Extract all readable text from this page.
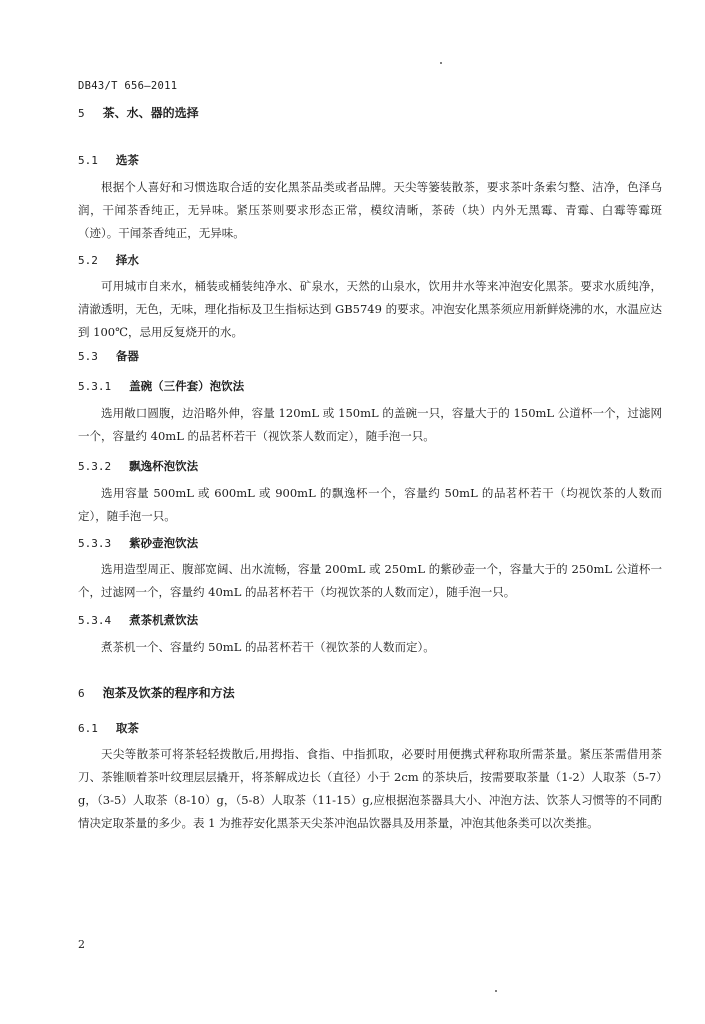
DB43/T 656—2011
5 茶、水、器的选择
5.1 选茶

根据个人喜好和习惯选取合适的安化黑茶品类或者品牌。天尖等篓装散茶，要求茶叶条索匀整、洁净，色泽乌润，干闻茶香纯正，无异味。紧压茶则要求形态正常，模纹清晰，茶砖（块）内外无黑霉、青霉、白霉等霉斑（迹）。干闻茶香纯正，无异味。

5.2 择水

可用城市自来水，桶装或桶装纯净水、矿泉水，天然的山泉水，饮用井水等来冲泡安化黑茶。要求水质纯净，清澈透明，无色，无味，理化指标及卫生指标达到 GB5749 的要求。冲泡安化黑茶须应用新鲜烧沸的水，水温应达到 100℃，忌用反复烧开的水。

5.3 备器
5.3.1 盖碗（三件套）泡饮法

选用敞口圆腹，边沿略外伸，容量 120mL 或 150mL 的盖碗一只，容量大于的 150mL 公道杯一个，过滤网一个，容量约 40mL 的品茗杯若干（视饮茶人数而定），随手泡一只。

5.3.2 飘逸杯泡饮法

选用容量 500mL 或 600mL 或 900mL 的飘逸杯一个，容量约 50mL 的品茗杯若干（均视饮茶的人数而定），随手泡一只。

5.3.3 紫砂壶泡饮法

选用造型周正、腹部宽阔、出水流畅，容量 200mL 或 250mL 的紫砂壶一个，容量大于的 250mL 公道杯一个，过滤网一个，容量约 40mL 的品茗杯若干（均视饮茶的人数而定），随手泡一只。

5.3.4 煮茶机煮饮法

煮茶机一个、容量约 50mL 的品茗杯若干（视饮茶的人数而定）。

6 泡茶及饮茶的程序和方法
6.1 取茶

天尖等散茶可将茶轻轻拨散后,用拇指、食指、中指抓取，必要时用便携式秤称取所需茶量。紧压茶需借用茶刀、茶锥顺着茶叶纹理层层撬开，将茶解成边长（直径）小于 2cm 的茶块后，按需要取茶量（1-2）人取茶（5-7）g，（3-5）人取茶（8-10）g，（5-8）人取茶（11-15）g,应根据泡茶器具大小、冲泡方法、饮茶人习惯等的不同酌情决定取茶量的多少。表 1 为推荐安化黑茶天尖茶冲泡品饮器具及用茶量，冲泡其他条类可以次类推。

2
